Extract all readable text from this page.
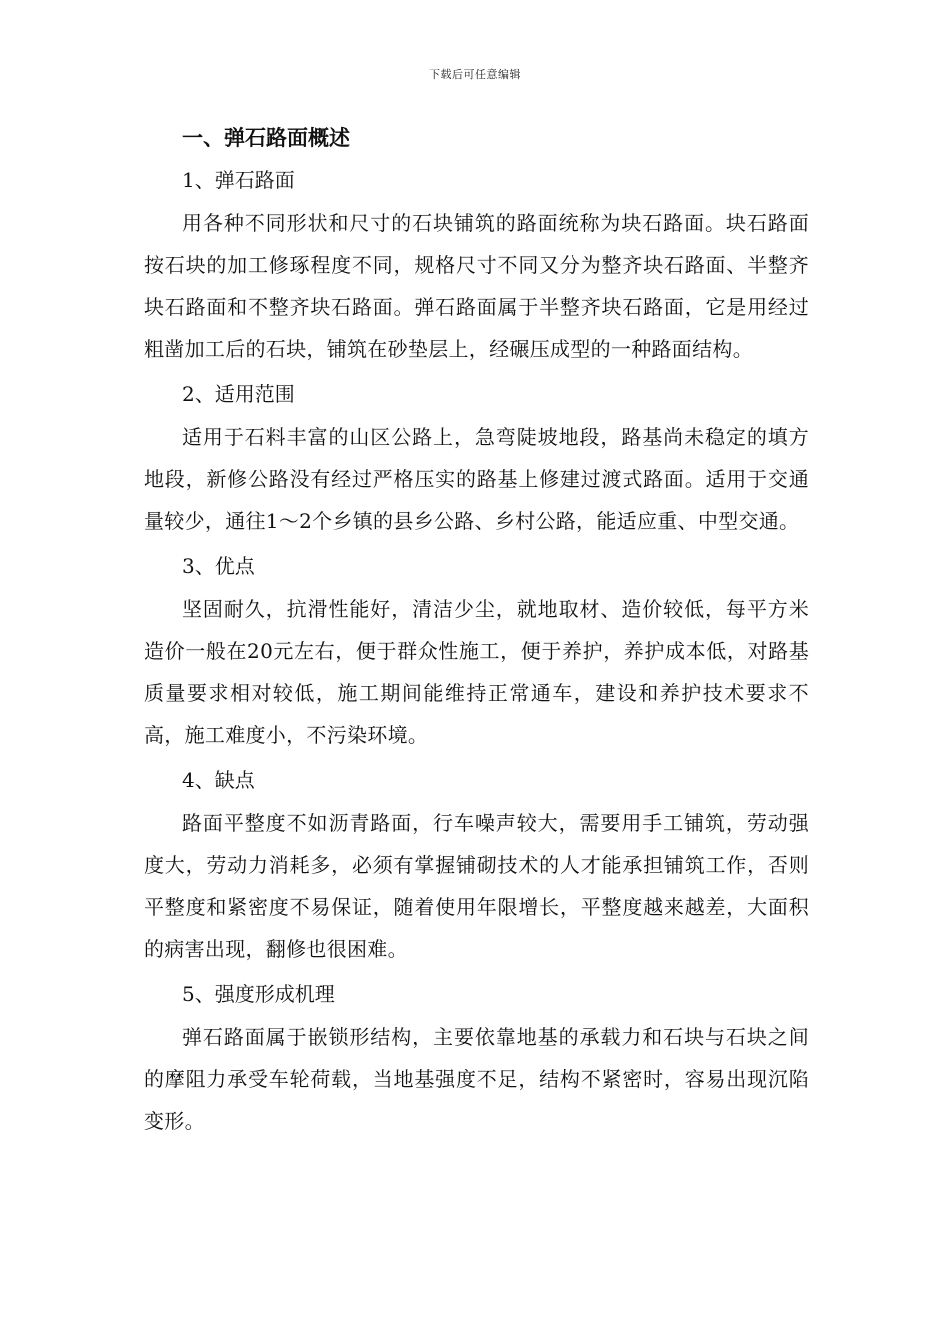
下载后可任意编辑
一、弹石路面概述
1、弹石路面

用各种不同形状和尺寸的石块铺筑的路面统称为块石路面。块石路面按石块的加工修琢程度不同，规格尺寸不同又分为整齐块石路面、半整齐块石路面和不整齐块石路面。弹石路面属于半整齐块石路面，它是用经过粗凿加工后的石块，铺筑在砂垫层上，经碾压成型的一种路面结构。

2、适用范围

适用于石料丰富的山区公路上，急弯陡坡地段，路基尚未稳定的填方地段，新修公路没有经过严格压实的路基上修建过渡式路面。适用于交通量较少，通往1～2个乡镇的县乡公路、乡村公路，能适应重、中型交通。

3、优点

坚固耐久，抗滑性能好，清洁少尘，就地取材、造价较低，每平方米造价一般在20元左右，便于群众性施工，便于养护，养护成本低，对路基质量要求相对较低，施工期间能维持正常通车，建设和养护技术要求不高，施工难度小，不污染环境。

4、缺点

路面平整度不如沥青路面，行车噪声较大，需要用手工铺筑，劳动强度大，劳动力消耗多，必须有掌握铺砌技术的人才能承担铺筑工作，否则平整度和紧密度不易保证，随着使用年限增长，平整度越来越差，大面积的病害出现，翻修也很困难。

5、强度形成机理

弹石路面属于嵌锁形结构，主要依靠地基的承载力和石块与石块之间的摩阻力承受车轮荷载，当地基强度不足，结构不紧密时，容易出现沉陷变形。
